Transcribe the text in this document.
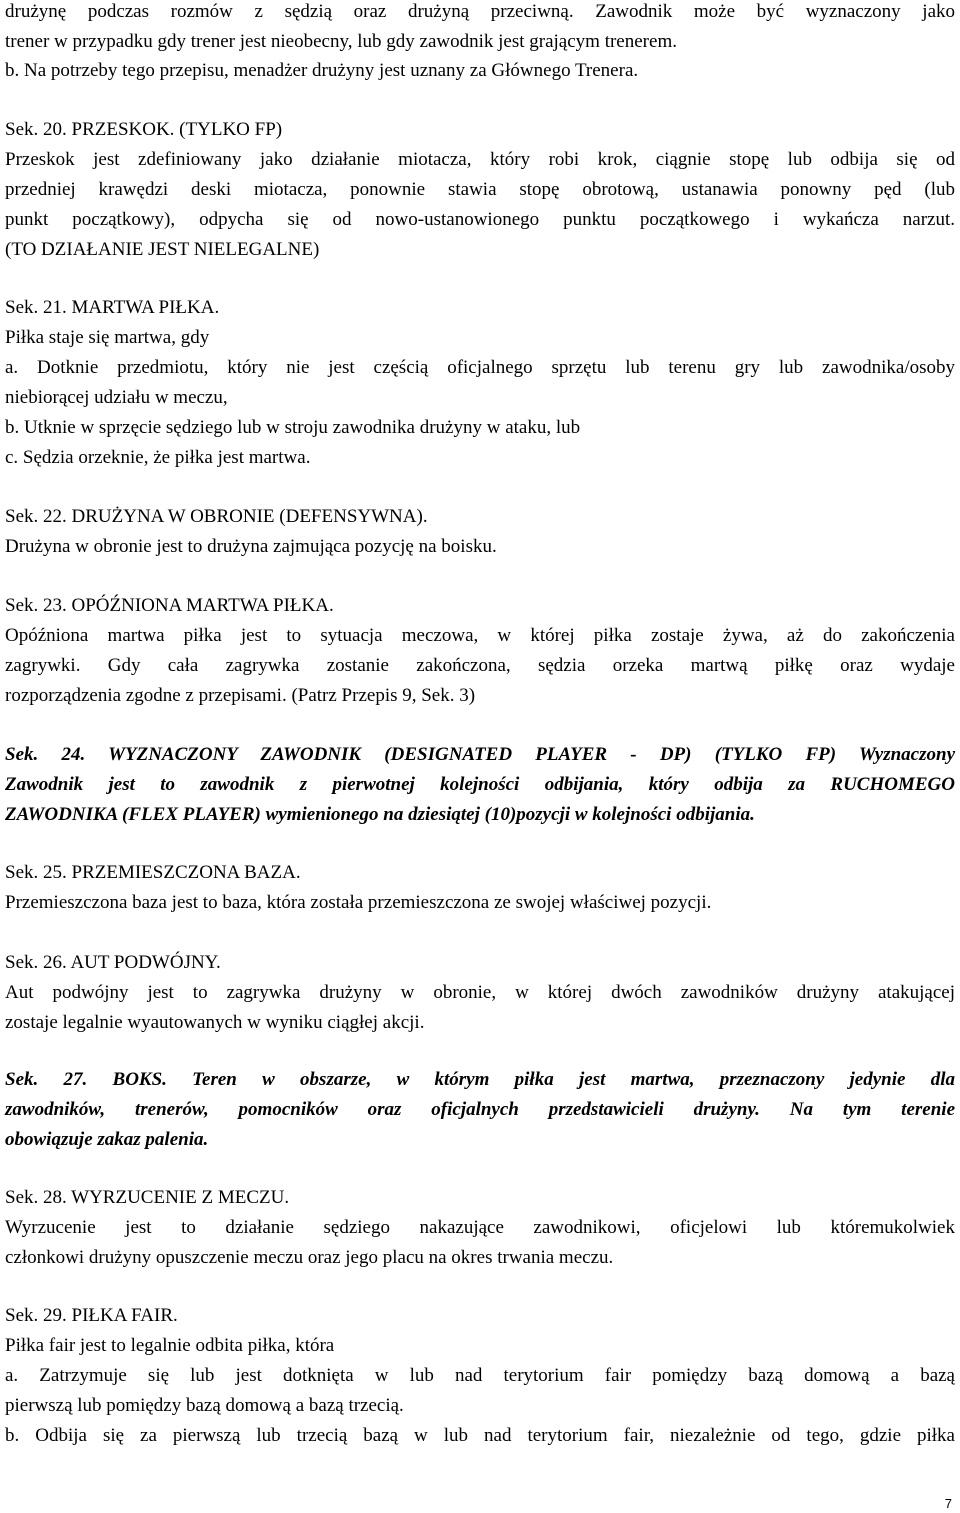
drużynę podczas rozmów z sędzią oraz drużyną przeciwną. Zawodnik może być wyznaczony jako
trener w przypadku gdy trener jest nieobecny, lub gdy zawodnik jest grającym trenerem.
b. Na potrzeby tego przepisu, menadżer drużyny jest uznany za Głównego Trenera.
Sek. 20. PRZESKOK. (TYLKO FP)
Przeskok jest zdefiniowany jako działanie miotacza, który robi krok, ciągnie stopę lub odbija się od
przedniej krawędzi deski miotacza, ponownie stawia stopę obrotową, ustanawia ponowny pęd (lub
punkt początkowy), odpycha się od nowo-ustanowionego punktu początkowego i wykańcza narzut.
(TO DZIAŁANIE JEST NIELEGALNE)
Sek. 21. MARTWA PIŁKA.
Piłka staje się martwa, gdy
a. Dotknie przedmiotu, który nie jest częścią oficjalnego sprzętu lub terenu gry lub zawodnika/osoby
niebiorącej udziału w meczu,
b. Utknie w sprzęcie sędziego lub w stroju zawodnika drużyny w ataku, lub
c. Sędzia orzeknie, że piłka jest martwa.
Sek. 22. DRUŻYNA W OBRONIE (DEFENSYWNA).
Drużyna w obronie jest to drużyna zajmująca pozycję na boisku.
Sek. 23. OPÓŹNIONA MARTWA PIŁKA.
Opóźniona martwa piłka jest to sytuacja meczowa, w której piłka zostaje żywa, aż do zakończenia
zagrywki. Gdy cała zagrywka zostanie zakończona, sędzia orzeka martwą piłkę oraz wydaje
rozporządzenia zgodne z przepisami. (Patrz Przepis 9, Sek. 3)
Sek. 24. WYZNACZONY ZAWODNIK (DESIGNATED PLAYER - DP) (TYLKO FP) Wyznaczony
Zawodnik jest to zawodnik z pierwotnej kolejności odbijania, który odbija za RUCHOMEGO
ZAWODNIKA (FLEX PLAYER) wymienionego na dziesiątej (10)pozycji w kolejności odbijania.
Sek. 25. PRZEMIESZCZONA BAZA.
Przemieszczona baza jest to baza, która została przemieszczona ze swojej właściwej pozycji.
Sek. 26. AUT PODWÓJNY.
Aut podwójny jest to zagrywka drużyny w obronie, w której dwóch zawodników drużyny atakującej
zostaje legalnie wyautowanych w wyniku ciągłej akcji.
Sek. 27. BOKS. Teren w obszarze, w którym piłka jest martwa, przeznaczony jedynie dla
zawodników, trenerów, pomocników oraz oficjalnych przedstawicieli drużyny. Na tym terenie
obowiązuje zakaz palenia.
Sek. 28. WYRZUCENIE Z MECZU.
Wyrzucenie jest to działanie sędziego nakazujące zawodnikowi, oficjelowi lub któremukolwiek
członkowi drużyny opuszczenie meczu oraz jego placu na okres trwania meczu.
Sek. 29. PIŁKA FAIR.
Piłka fair jest to legalnie odbita piłka, która
a. Zatrzymuje się lub jest dotknięta w lub nad terytorium fair pomiędzy bazą domową a bazą
pierwszą lub pomiędzy bazą domową a bazą trzecią.
b. Odbija się za pierwszą lub trzecią bazą w lub nad terytorium fair, niezależnie od tego, gdzie piłka
7
